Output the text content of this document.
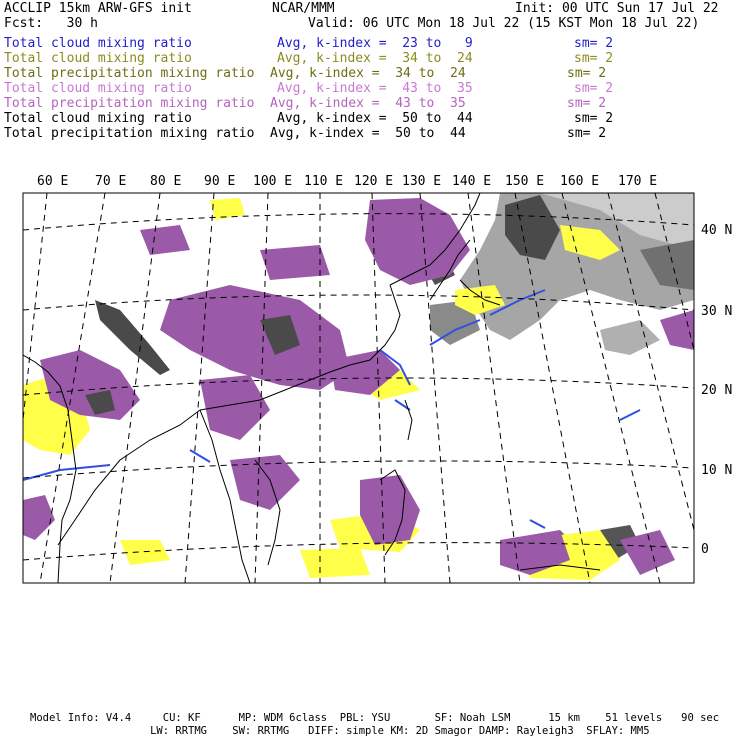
ACCLIP 15km ARW-GFS init	NCAR/MMM	Init: 00 UTC Sun 17 Jul 22
Fcst:   30 h	Valid: 06 UTC Mon 18 Jul 22 (15 KST Mon 18 Jul 22)
Total cloud mixing ratio	Avg, k-index =  23 to   9	sm= 2
Total cloud mixing ratio	Avg, k-index =  34 to  24	sm= 2
Total precipitation mixing ratio Avg, k-index =  34 to  24	sm= 2
Total cloud mixing ratio	Avg, k-index =  43 to  35	sm= 2
Total precipitation mixing ratio Avg, k-index =  43 to  35	sm= 2
Total cloud mixing ratio	Avg, k-index =  50 to  44	sm= 2
Total precipitation mixing ratio Avg, k-index =  50 to  44	sm= 2
60 E 70 E 80 E 90 E 100 E 110 E 120 E 130 E 140 E 150 E 160 E 170 E
40 N
30 N
20 N
10 N
0
Model Info: V4.4     CU: KF      MP: WDM 6class  PBL: YSU       SF: Noah LSM      15 km    51 levels   90 sec
LW: RRTMG    SW: RRTMG   DIFF: simple KM: 2D Smagor DAMP: Rayleigh3  SFLAY: MM5
